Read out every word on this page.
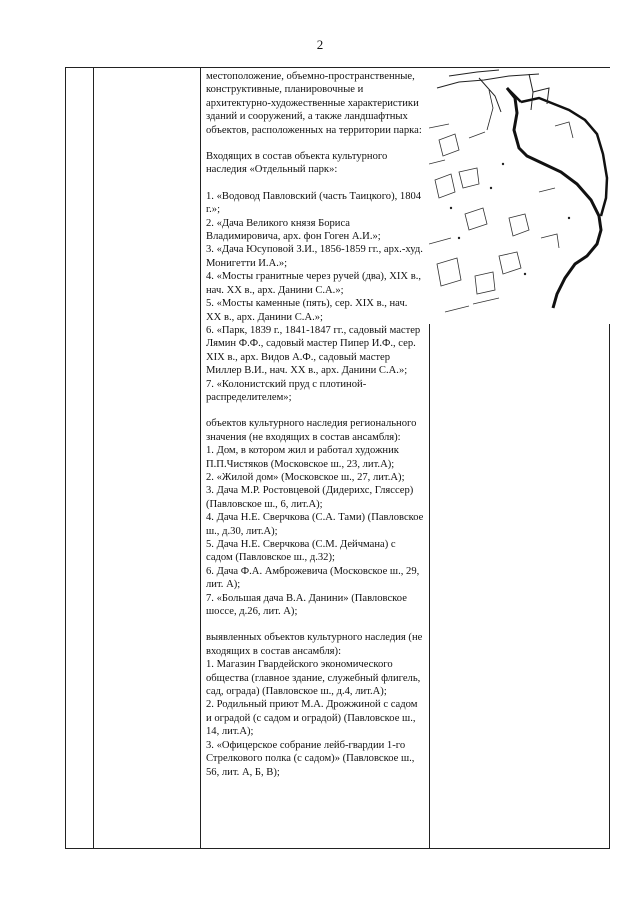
2

местоположение, объемно-пространственные, конструктивные, планировочные и архитектурно-художественные характеристики зданий и сооружений, а также ландшафтных объектов, расположенных на территории парка:

Входящих в состав объекта культурного наследия «Отдельный парк»:

1. «Водовод Павловский (часть Таицкого), 1804 г.»;

2. «Дача Великого князя Бориса Владимировича, арх. фон Гоген А.И.»;

3. «Дача Юсуповой З.И., 1856-1859 гг., арх.-худ. Монигетти И.А.»;

4. «Мосты гранитные через ручей (два), XIX в., нач. XX в., арх. Данини С.А.»;

5. «Мосты каменные (пять), сер. XIX в., нач. XX в., арх. Данини С.А.»;

6. «Парк, 1839 г., 1841-1847 гг., садовый мастер Лямин Ф.Ф., садовый мастер Пипер И.Ф., сер. XIX в., арх. Видов А.Ф., садовый мастер Миллер В.И., нач. XX в., арх. Данини С.А.»;

7. «Колонистский пруд с плотиной-распределителем»;

объектов культурного наследия регионального значения (не входящих в состав ансамбля):

1. Дом, в котором жил и работал художник П.П.Чистяков (Московское ш., 23, лит.А);

2. «Жилой дом» (Московское ш., 27, лит.А);

3. Дача М.Р. Ростовцевой (Дидерихс, Гляссер) (Павловское ш., 6, лит.А);

4. Дача Н.Е. Сверчкова (С.А. Тами) (Павловское ш., д.30, лит.А);

5. Дача Н.Е. Сверчкова (С.М. Дейчмана) с садом (Павловское ш., д.32);

6. Дача Ф.А. Амброжевича (Московское ш., 29, лит. А);

7. «Большая дача В.А. Данини» (Павловское шоссе, д.26, лит. А);

выявленных объектов культурного наследия (не входящих в состав ансамбля):

1. Магазин Гвардейского экономического общества (главное здание, служебный флигель, сад, ограда) (Павловское ш., д.4, лит.А);

2. Родильный приют М.А. Дрожжиной с садом и оградой (с садом и оградой) (Павловское ш., 14, лит.А);

3. «Офицерское собрание лейб-гвардии 1-го Стрелкового полка (с садом)» (Павловское ш., 56, лит. А, Б, В);
